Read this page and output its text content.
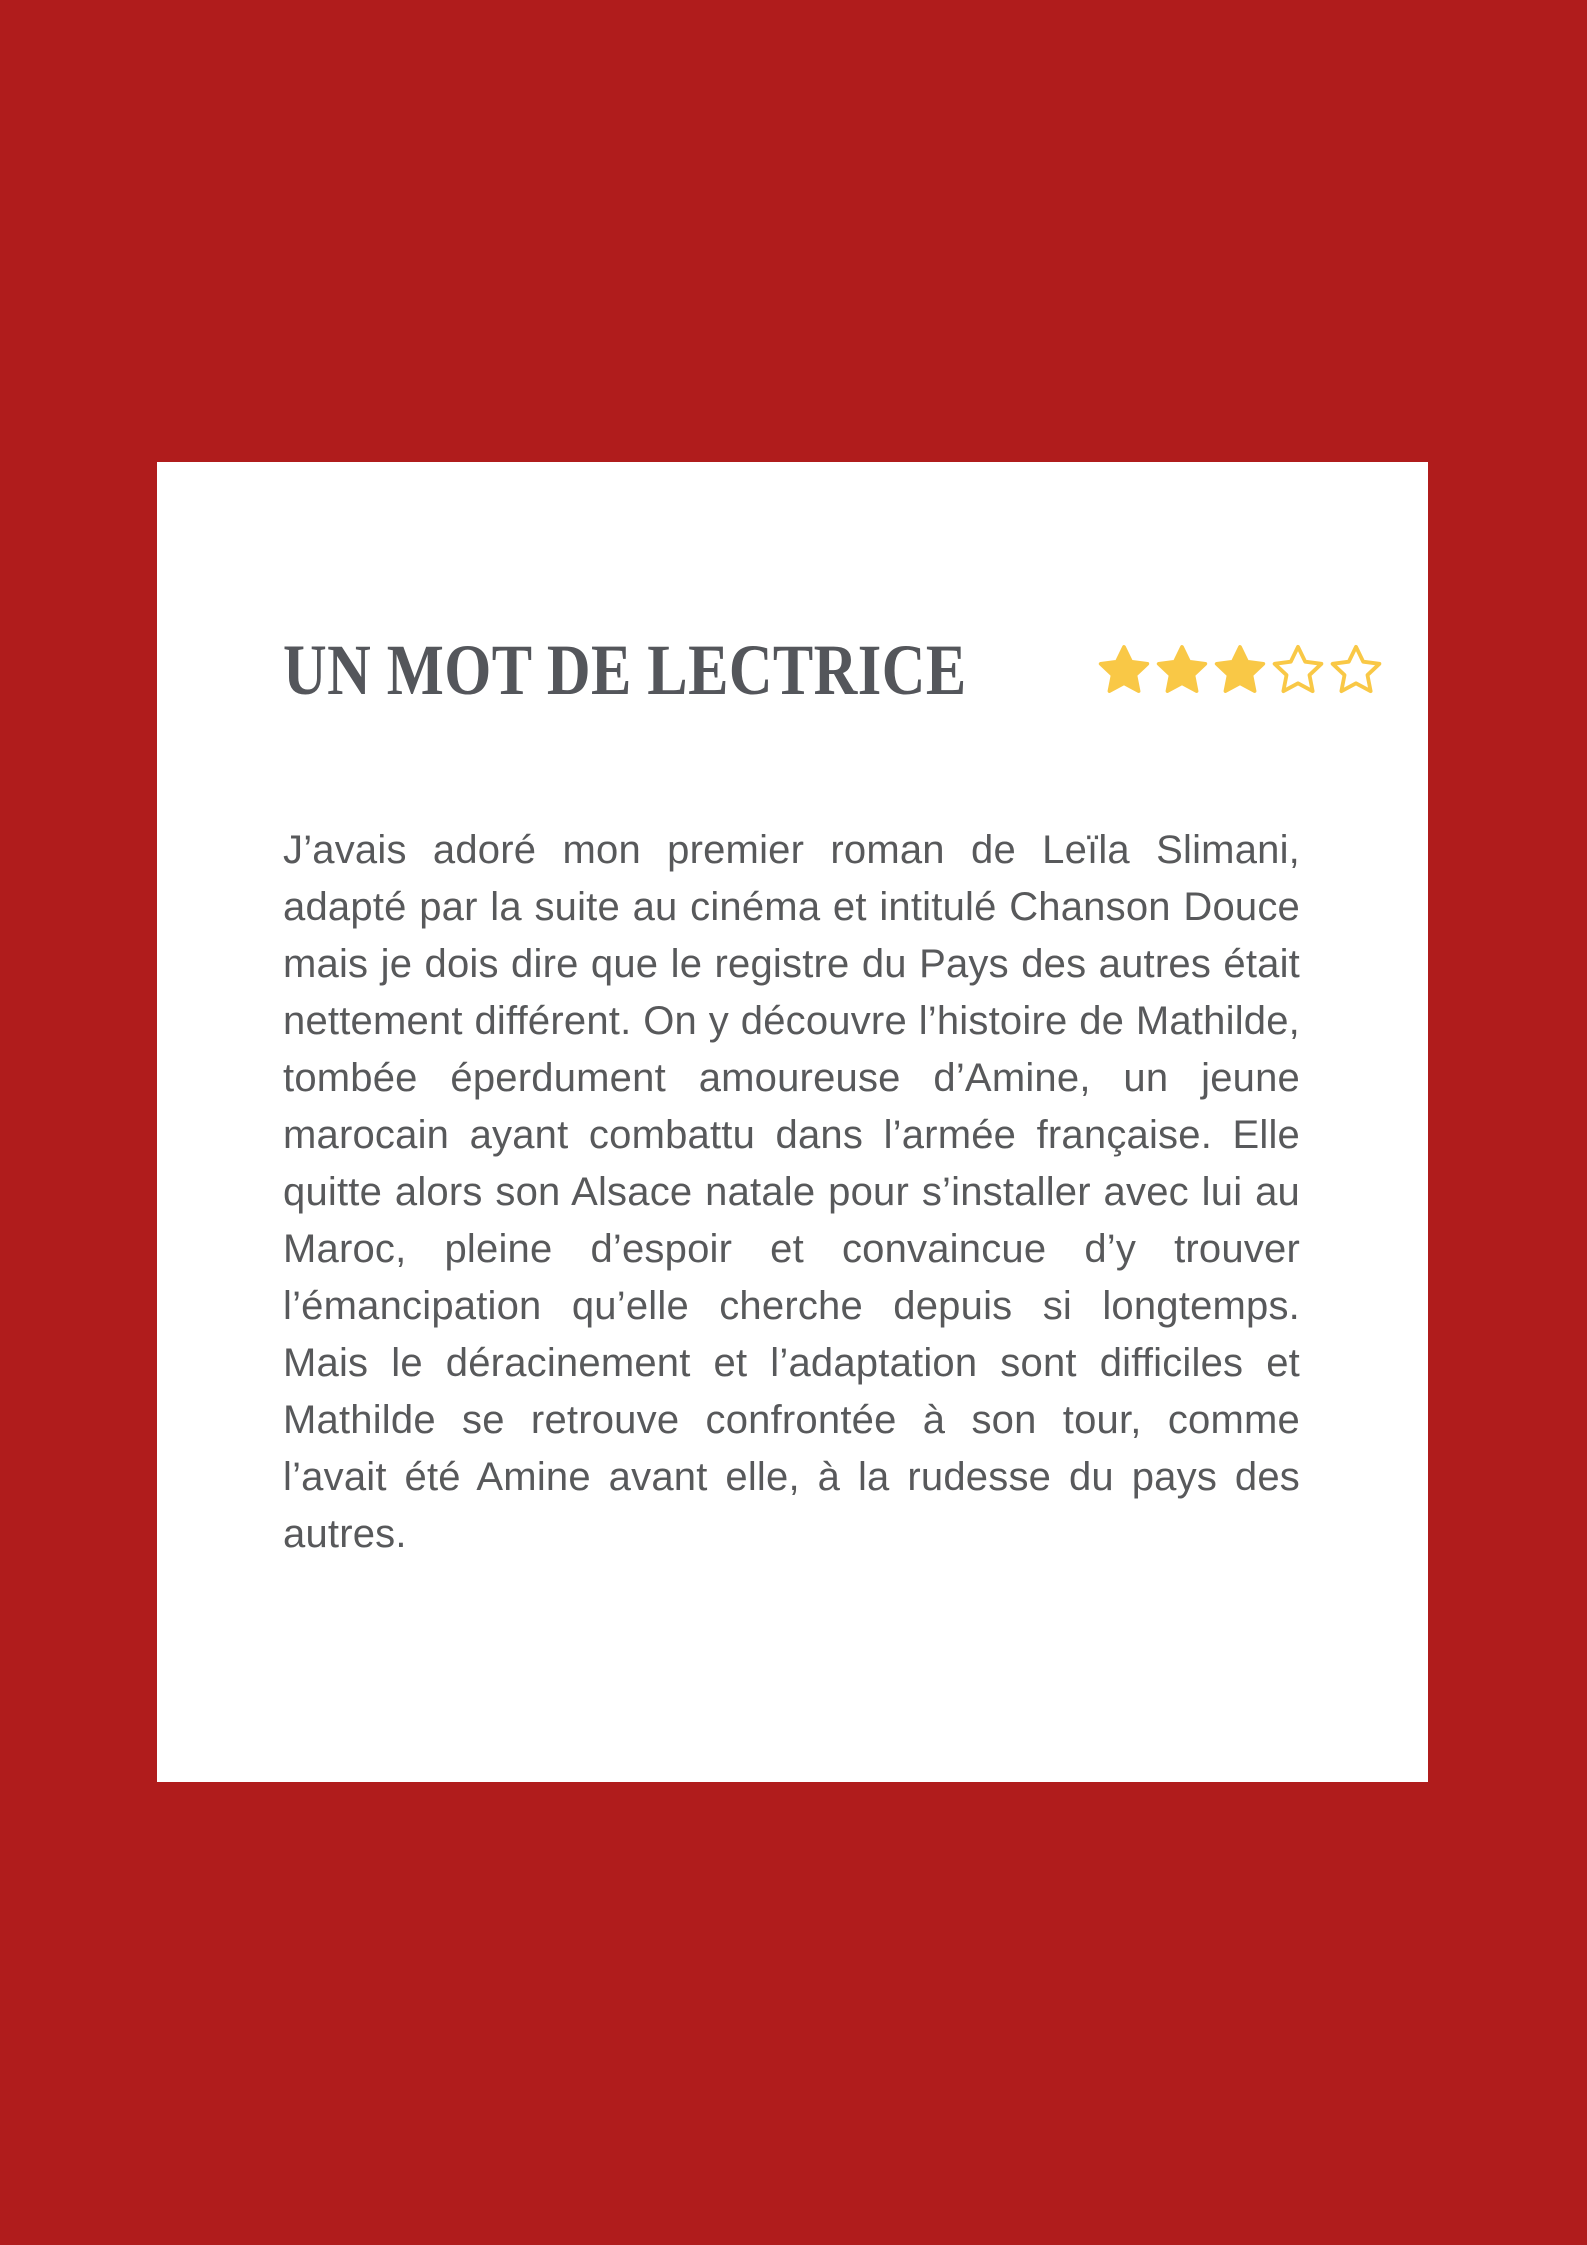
UN MOT DE LECTRICE

J’avais adoré mon premier roman de Leïla Slimani, adapté par la suite au cinéma et intitulé Chanson Douce mais je dois dire que le registre du Pays des autres était nettement différent. On y découvre l’histoire de Mathilde, tombée éperdument amoureuse d’Amine, un jeune marocain ayant combattu dans l’armée française. Elle quitte alors son Alsace natale pour s’installer avec lui au Maroc, pleine d’espoir et convaincue d’y trouver l’émancipation qu’elle cherche depuis si longtemps. Mais le déracinement et l’adaptation sont difficiles et Mathilde se retrouve confrontée à son tour, comme l’avait été Amine avant elle, à la rudesse du pays des autres.
